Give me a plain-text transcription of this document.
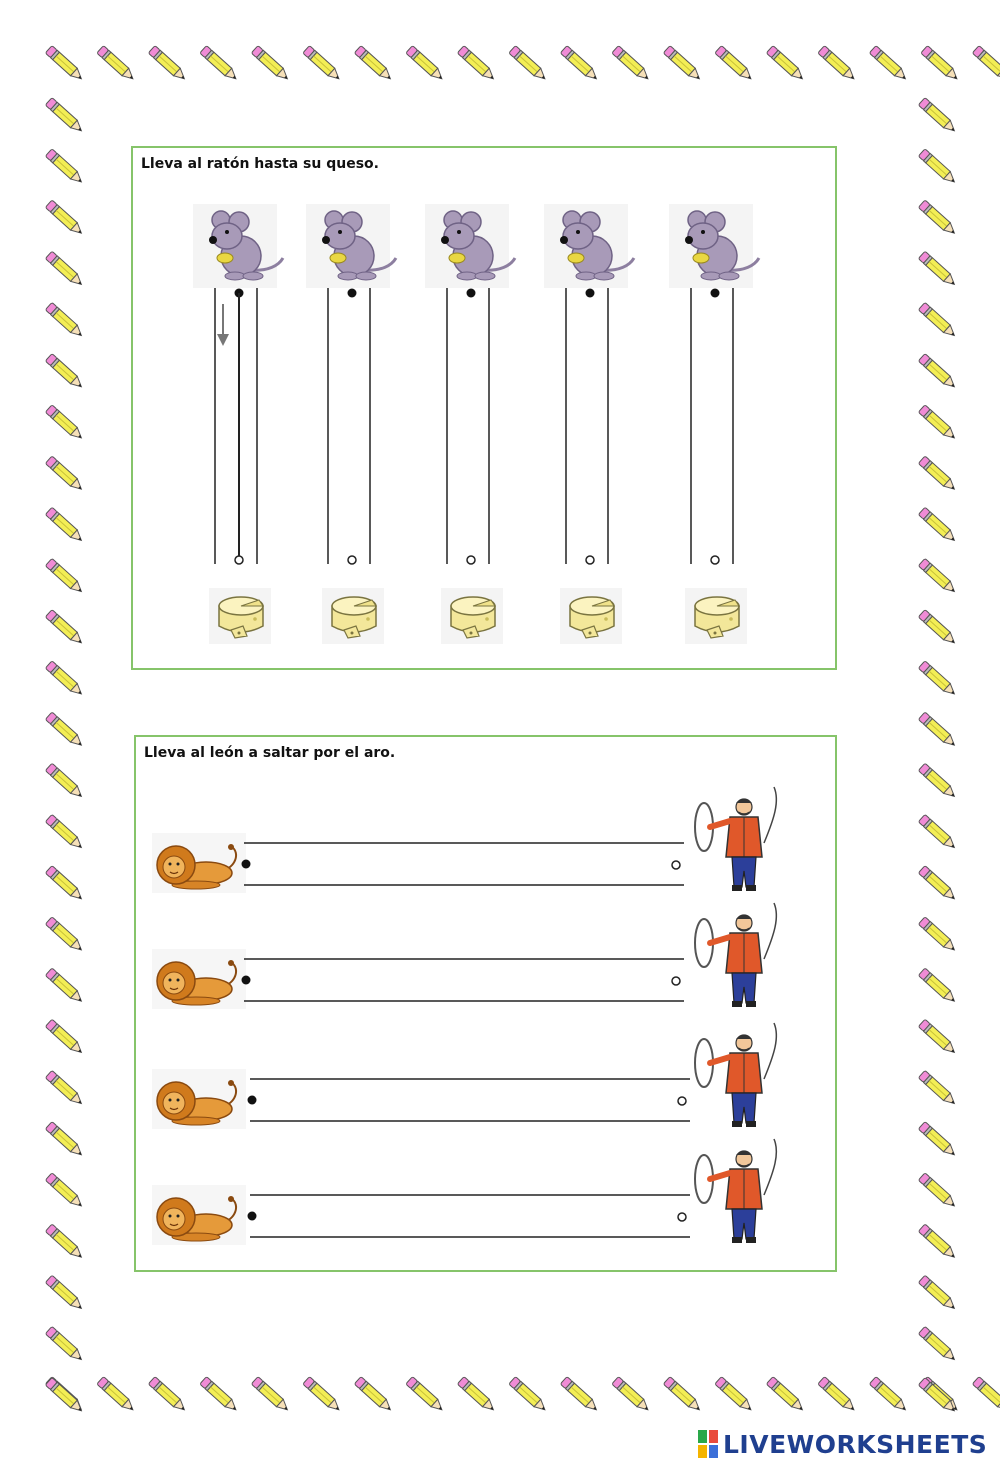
Lleva al ratón hasta su queso.
Lleva al león a saltar por el aro.
LIVEWORKSHEETS
